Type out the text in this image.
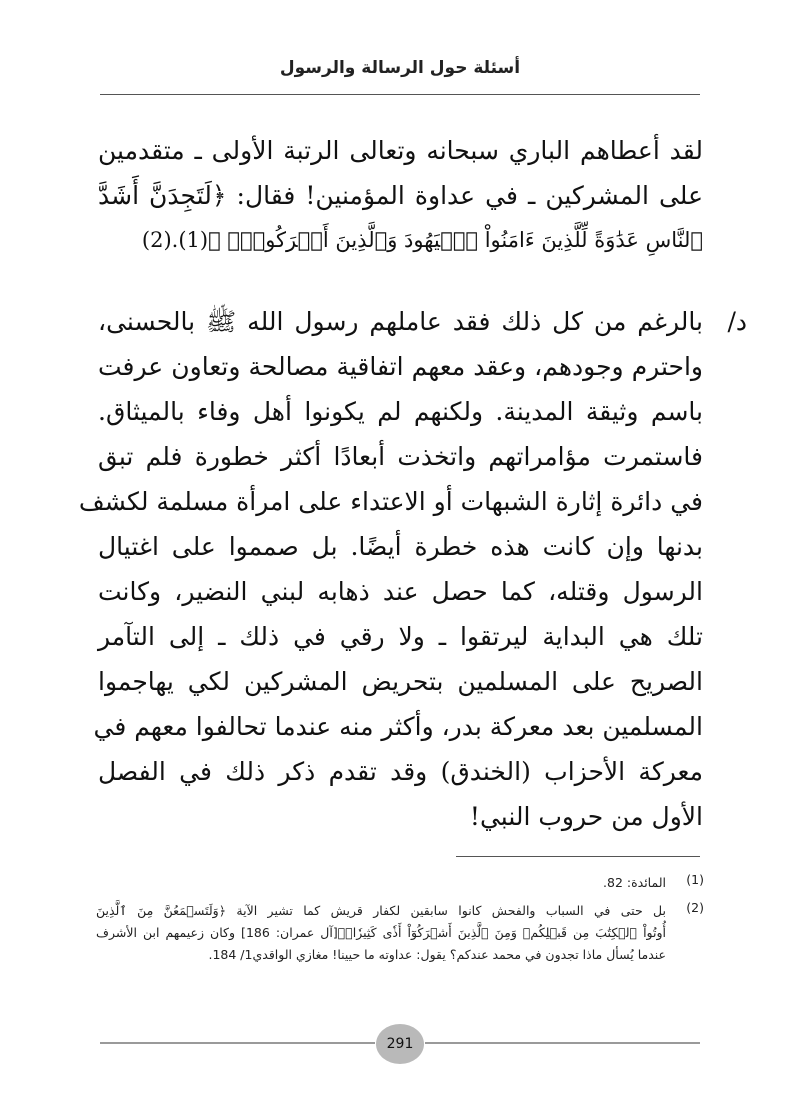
أسئلة حول الرسالة والرسول
لقد أعطاهم الباري سبحانه وتعالى الرتبة الأولى ـ متقدمين
على المشركين ـ في عداوة المؤمنين! فقال: ﴿لَتَجِدَنَّ أَشَدَّ
ٱلنَّاسِ عَدَٰوَةً لِّلَّذِينَ ءَامَنُواْ ٱلۡيَهُودَ وَٱلَّذِينَ أَشۡرَكُواْۖ ﴾(1).(2)
د/
بالرغم من كل ذلك فقد عاملهم رسول الله ﷺ بالحسنى،
واحترم وجودهم، وعقد معهم اتفاقية مصالحة وتعاون عرفت
باسم وثيقة المدينة. ولكنهم لم يكونوا أهل وفاء بالميثاق.
فاستمرت مؤامراتهم واتخذت أبعادًا أكثر خطورة فلم تبق
في دائرة إثارة الشبهات أو الاعتداء على امرأة مسلمة لكشف
بدنها وإن كانت هذه خطرة أيضًا. بل صمموا على اغتيال
الرسول وقتله، كما حصل عند ذهابه لبني النضير، وكانت
تلك هي البداية ليرتقوا ـ ولا رقي في ذلك ـ إلى التآمر
الصريح على المسلمين بتحريض المشركين لكي يهاجموا
المسلمين بعد معركة بدر، وأكثر منه عندما تحالفوا معهم في
معركة الأحزاب (الخندق) وقد تقدم ذكر ذلك في الفصل
الأول من حروب النبي!
(1)
المائدة: 82.
(2)
بل حتى في السباب والفحش كانوا سابقين لكفار قريش كما تشير الآية ﴿وَلَتَسۡمَعُنَّ مِنَ ٱلَّذِينَ
أُوتُواْ ٱلۡكِتَٰبَ مِن قَبۡلِكُمۡ وَمِنَ ٱلَّذِينَ أَشۡرَكُوٓاْ أَذٗى كَثِيرٗاۚ﴾[آل عمران: 186] وكان زعيمهم ابن الأشرف
عندما يُسأل ماذا تجدون في محمد عندكم؟ يقول: عداوته ما حيينا! مغازي الواقدي1/ 184.
291
